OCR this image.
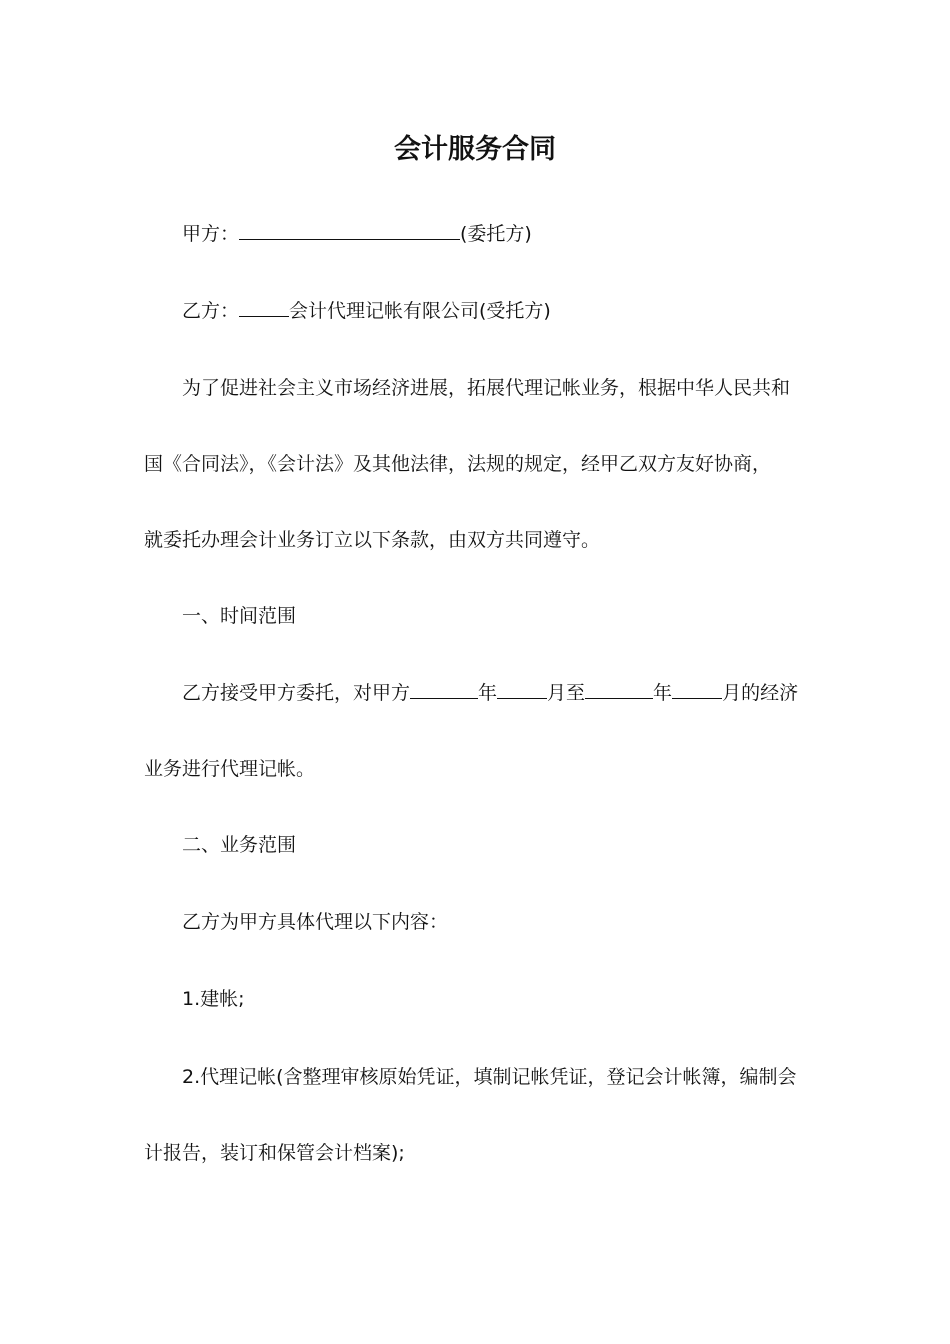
会计服务合同
甲方：	(委托方)
乙方：	会计代理记帐有限公司(受托方)
为了促进社会主义市场经济进展，拓展代理记帐业务，根据中华人民共和
国《合同法》，《会计法》及其他法律，法规的规定，经甲乙双方友好协商，
就委托办理会计业务订立以下条款，由双方共同遵守。
一、时间范围
乙方接受甲方委托，对甲方	年	月至	年	月的经济
业务进行代理记帐。
二、业务范围
乙方为甲方具体代理以下内容：
1.建帐;
2.代理记帐(含整理审核原始凭证，填制记帐凭证，登记会计帐簿，编制会
计报告，装订和保管会计档案);
